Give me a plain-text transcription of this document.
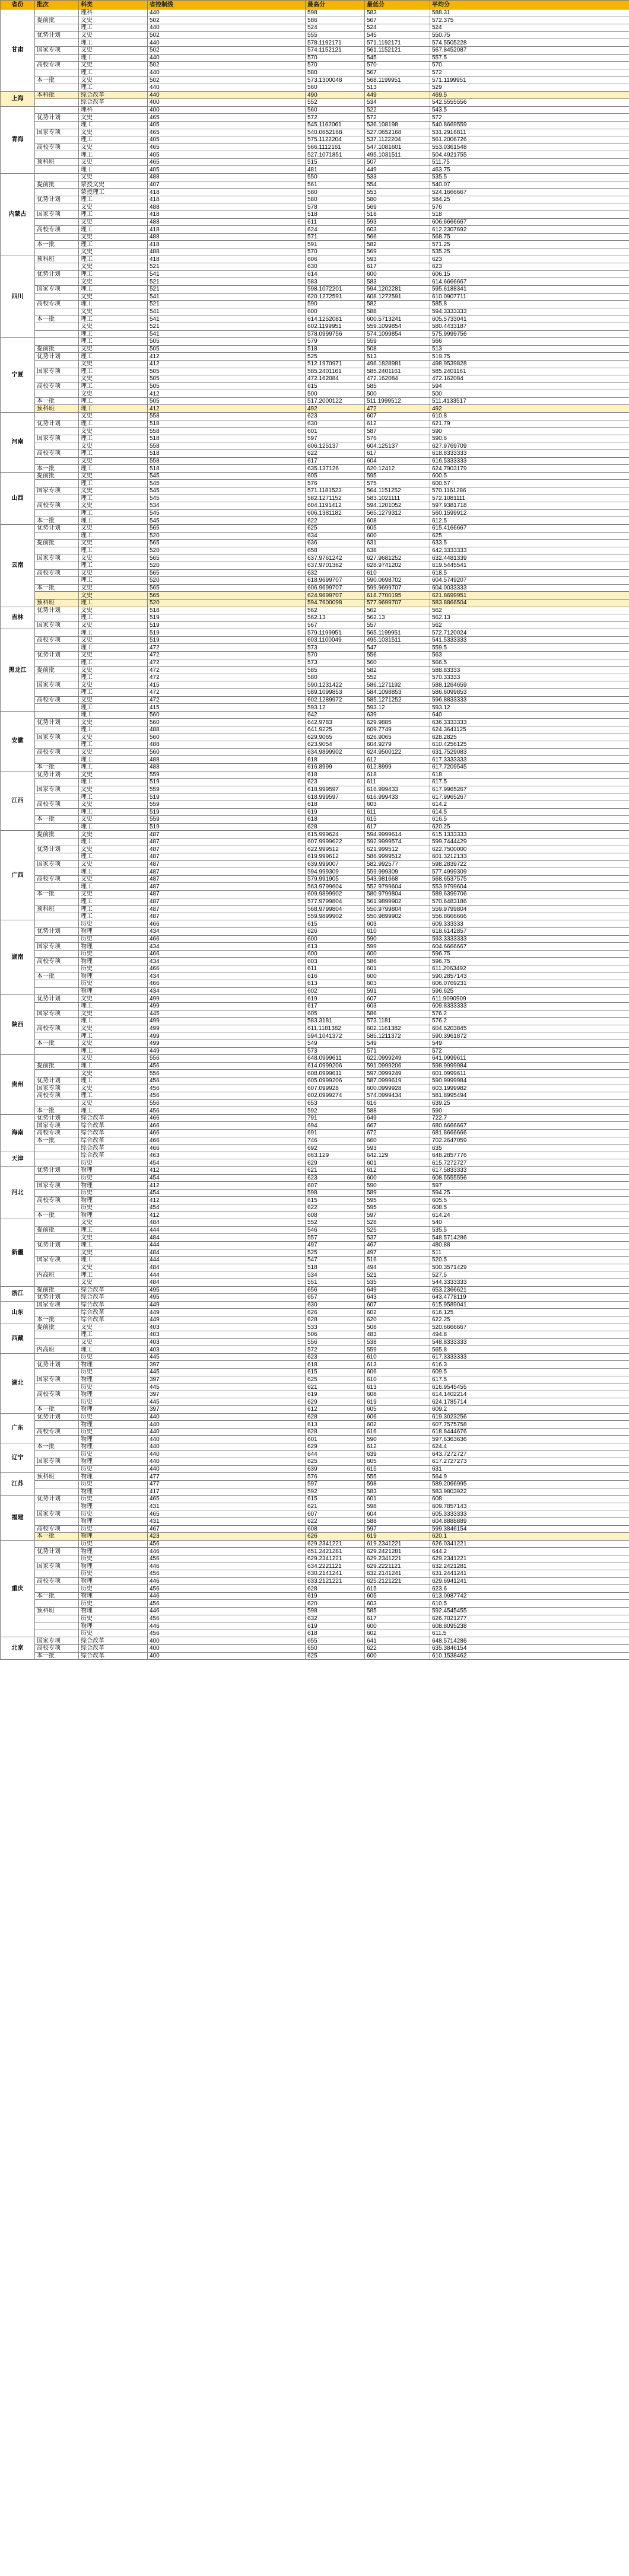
省份	批次	科类	省控制线	最高分	最低分	平均分
甘肃		理科	440	598	583	588.31
	提前批	文史	502	586	567	572.375
		理工	440	524	524	524
	优势计划	文史	502	555	545	550.75
		理工	440	578.1192171	571.1192171	574.5505228
	国家专项	文史	502	574.1152121	561.1152121	567.8452087
		理工	440	570	545	557.5
	高校专项	文史	502	570	570	570
		理工	440	580	567	572
	本一批	文史	502	573.1300048	568.1199951	571.1199951
		理工	440	560	513	529
上海	本科批	综合改革	440	490	449	469.5
		综合改革	400	552	534	542.5555556
青海		理科	400	560	522	543.5
	优势计划	文史	465	572	572	572
		理工	405	545.1162061	536.108198	540.8669559
	国家专项	文史	465	540.0652168	527.0652168	531.2916811
		理工	405	575.1122204	537.1122204	561.2006726
	高校专项	文史	465	566.1112161	547.1081601	553.0361548
		理工	405	527.1071851	495.1031511	504.4921755
	预科班	文史	465	515	507	511.75
		理工	405	481	449	463.75
内蒙古		文史	488	550	533	535.5
	提前批	蒙授文史	407	561	554	540.07
		蒙授理工	418	580	553	524.1666667
	优势计划	理工	418	580	580	584.25
		文史	488	578	569	576
	国家专项	理工	418	518	518	518
		文史	488	611	593	606.6666667
	高校专项	理工	418	624	603	612.2307692
		文史	488	571	566	568.75
	本一批	理工	418	591	582	571.25
		文史	488	570	569	535.25
四川	预科班	理工	418	606	593	623
		文史	521	630	617	623
	优势计划	理工	541	614	600	606.15
		文史	521	583	583	614.6666667
	国家专项	理工	521	598.1072201	594.1202281	595.6188341
		文史	541	620.1272591	608.1272591	610.0907711
	高校专项	理工	521	590	582	585.8
		文史	541	600	588	594.3333333
	本一批	理工	541	614.1252081	600.5713241	605.5733041
		文史	521	602.1199951	559.1099854	580.4433187
		理工	541	578.0999756	574.1099854	575.9999756
宁夏		理工	505	579	559	566
	提前批	文史	505	518	508	513
	优势计划	理工	412	525	513	519.75
		文史	412	512.1970971	496.1828981	498.9539828
	国家专项	理工	505	585.2401161	585.2401161	585.2401161
		文史	505	472.162084	472.162084	472.162084
	高校专项	理工	505	615	585	594
		文史	412	500	500	500
	本一批	理工	505	517.2000122	511.1999512	511.4133517
	预科班	理工	412	492	472	492
河南		文史	558	623	607	610.8
	优势计划	理工	518	630	612	621.79
		文史	558	601	587	590
	国家专项	理工	518	597	576	590.6
		文史	558	606.125137	604.125137	627.9769709
	高校专项	理工	518	622	617	618.8333333
		文史	558	617	604	616.5333333
	本一批	理工	518	635.137126	620.12412	624.7903179
山西	提前批	文史	545	605	595	600.5
		理工	545	576	575	600.57
	国家专项	文史	545	571.1181523	564.1151252	570.1161286
		理工	545	582.1271152	583.1021111	572.1081111
	高校专项	文史	534	604.1191412	594.1201052	597.9381718
		理工	545	606.1381182	565.1279312	560.1599912
	本一批	理工	545	622	608	612.5
云南	优势计划	文史	565	625	605	615.4166667
		理工	520	634	600	625
	提前批	文史	565	636	631	633.5
		理工	520	658	638	642.3333333
	国家专项	文史	565	637.9761242	627.9681252	632.4481339
		理工	520	637.9701362	628.9741202	619.5445541
	高校专项	文史	565	632	610	618.5
		理工	520	618.9699707	590.0698702	604.5749207
	本一批	文史	565	606.9699707	599.9699707	604.0033333
		文史	565	624.9699707	618.7700195	621.8699951
	预科班	理工	520	594.7600098	577.9699707	583.8866504
吉林	优势计划	文史	518	562	562	562
		理工	519	562.13	562.13	562.13
	国家专项	文史	519	567	557	562
黑龙江		理工	519	579.1199951	565.1199951	572.7120024
	高校专项	文史	519	603.1100049	495.1031511	541.5333333
		理工	472	573	547	559.5
	优势计划	文史	472	570	556	563
		理工	472	573	560	566.5
	提前批	文史	472	585	582	588.83333
		理工	472	580	552	570.33333
	国家专项	文史	415	590.1231422	586.1271192	588.1264659
		理工	472	589.1099853	584.1098853	586.6099853
	高校专项	文史	472	602.1289972	585.1271252	596.8833333
		理工	415	593.12	593.12	593.12
安徽		理工	560	642	639	640
	优势计划	文史	560	642.9783	629.9885	636.3333333
		理工	488	641.9225	609.7749	624.3641125
	国家专项	文史	560	629.9065	626.9065	628.2825
		理工	488	623.9054	604.9279	610.4256125
	高校专项	文史	560	634.9899902	624.9500122	631.7529083
		理工	488	618	612	617.3333333
	本一批	理工	488	616.8999	612.8999	617.7209545
江西	优势计划	文史	559	618	618	618
		理工	519	623	611	617.5
	国家专项	文史	559	618.999597	616.999433	617.9965267
		理工	519	618.999597	616.999433	617.9965267
	高校专项	文史	559	618	603	614.2
		理工	519	619	611	614.5
	本一批	文史	559	618	615	616.5
		理工	519	628	617	620.25
广西	提前批	文史	487	615.999624	594.9999614	615.1333333
		理工	487	607.9999622	592.9999574	599.7444429
	优势计划	文史	487	622.999512	621.999512	622.7500000
		理工	487	619.999612	586.9999512	601.3212133
	国家专项	文史	487	639.999007	582.992577	598.2839722
		理工	487	594.999309	559.999309	577.4999309
	高校专项	文史	487	579.991905	543.981668	568.6537575
		理工	487	563.9799604	552.9799604	553.9799604
	本一批	文史	487	609.9899902	580.9799804	589.6399706
		理工	487	577.9799804	561.9899902	570.6483186
	预科班	理工	487	568.9799804	550.9799804	559.9799804
		理工	487	559.9899902	550.9899902	556.8666666
湖南		历史	466	615	603	609.333333
	优势计划	物理	434	626	610	618.6142857
		历史	466	600	590	593.3333333
	国家专项	物理	434	613	599	604.6666667
		历史	466	600	600	596.75
	高校专项	物理	434	603	586	596.75
		历史	466	611	601	611.2063492
	本一批	物理	434	616	600	590.2857143
		历史	466	613	603	606.0769231
		物理	434	602	591	596.625
陕西	优势计划	文史	499	619	607	611.9090909
		理工	499	617	603	609.8333333
	国家专项	文史	445	605	586	576.2
		理工	499	583.3181	573.1181	576.2
	高校专项	文史	499	611.1181382	602.1161382	604.6203845
		理工	499	594.1041372	585.1211372	590.3961872
	本一批	文史	499	549	549	549
		理工	449	573	571	572
贵州		文史	556	648.0999611	622.0999249	641.0999611
	提前批	理工	456	614.0999206	591.0999206	598.9999984
		文史	556	608.0999611	597.0999249	601.0999611
	优势计划	理工	456	605.0999206	587.0999619	590.9999984
	国家专项	文史	456	607.099928	600.0999928	603.1999982
	高校专项	理工	456	602.0999274	574.0999434	581.8995494
		文史	556	653	616	639.25
	本一批	理工	456	592	588	590
海南	优势计划	综合改革	466	791	649	722.7
	国家专项	综合改革	466	694	667	680.6666667
	高校专项	综合改革	466	691	672	681.8666666
	本一批	综合改革	466	746	660	702.2647059
		综合改革	466	692	593	635
天津		综合改革	463	663.129	642.129	648.2857776
		历史	454	629	601	615.7272727
河北	优势计划	物理	412	621	612	617.5833333
		历史	454	623	600	608.5555556
	国家专项	物理	412	607	590	597
		历史	454	598	589	594.25
	高校专项	物理	412	615	595	605.5
		历史	454	622	595	608.5
	本一批	物理	412	608	597	614.24
新疆		文史	484	552	528	540
	提前批	理工	444	546	525	535.5
		文史	484	557	537	548.5714286
	优势计划	理工	444	497	467	480.88
		文史	484	525	497	511
	国家专项	理工	444	547	516	520.5
		文史	484	518	494	500.3571429
	内高班	理工	444	534	521	527.5
		文史	484	551	535	544.3333333
浙江	提前批	综合改革	495	656	649	653.2366621
	优势计划	综合改革	495	657	643	643.4778119
山东	国家专项	综合改革	449	630	607	615.9589041
		综合改革	449	626	602	616.125
	本一批	综合改革	449	628	620	622.25
西藏	提前批	文史	403	533	508	520.6666667
		理工	403	506	483	494.8
		文史	403	556	538	548.8333333
	内高班	理工	403	572	559	565.8
湖北		历史	445	623	610	617.3333333
	优势计划	物理	397	618	613	616.3
		历史	445	615	606	609.5
	国家专项	物理	397	625	610	617.5
		历史	445	621	613	616.9545455
	高校专项	物理	397	619	608	614.1402214
		历史	445	629	619	624.1785714
	本一批	物理	397	612	605	609.2
广东	优势计划	历史	440	628	606	619.3023256
		物理	440	613	602	607.7575758
	高校专项	历史	440	628	616	618.8444676
		物理	440	601	590	597.6363636
辽宁	本一批	物理	440	629	612	624.4
		历史	440	644	639	643.7272727
	国家专项	物理	440	625	605	617.2727273
		历史	440	639	615	631
江苏	预科班	物理	477	576	555	564.9
		历史	477	597	598	589.2066995
		物理	417	592	583	583.9803922
福建	优势计划	历史	465	615	601	608
		物理	431	621	598	609.7857143
	国家专项	历史	465	607	604	605.3333333
		物理	431	622	588	604.8888889
	高校专项	历史	467	608	597	599.3846154
	本一批	物理	423	626	619	620.1
重庆		历史	456	629.2341221	619.2341221	626.0341221
	优势计划	物理	446	651.2421281	629.2421281	644.2
		历史	456	629.2341221	629.2341221	629.2341221
	国家专项	物理	446	634.2221121	629.2221121	632.2421281
		历史	456	630.2141241	632.2141241	631.2441241
	高校专项	物理	446	633.2121221	625.2121221	629.6941241
		历史	456	628	615	623.6
	本一批	物理	446	619	605	613.0987742
		历史	456	620	603	610.5
	预科班	物理	446	598	585	592.4545455
		历史	456	632	617	626.7021277
		物理	446	619	600	608.8095238
		历史	456	618	602	611.5
北京	国家专项	综合改革	400	655	641	648.5714286
	高校专项	综合改革	400	650	622	635.3846154
	本一批	综合改革	400	625	600	610.1538462
